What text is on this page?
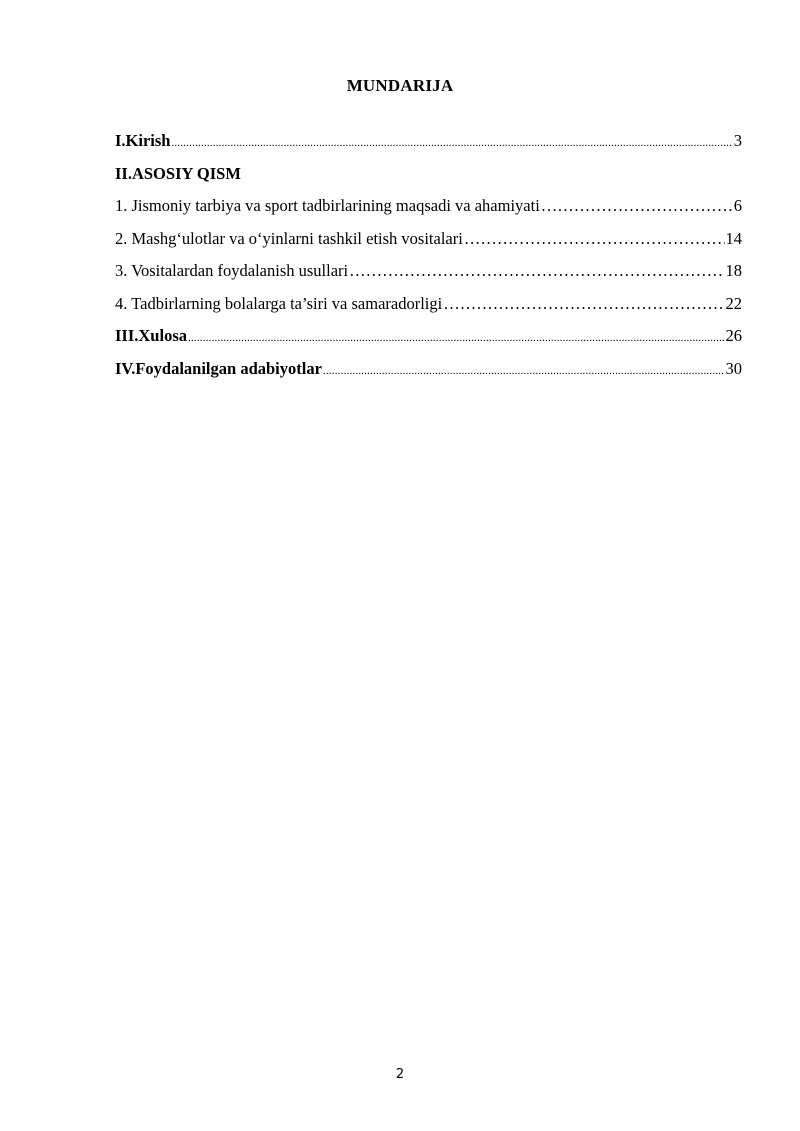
MUNDARIJA
I.Kirish .....	3
II.ASOSIY QISM
1. Jismoniy tarbiya va sport tadbirlarining maqsadi va ahamiyati ………………………………………………………………………………………………………………………………	6
2. Mashg‘ulotlar va o‘yinlarni tashkil etish vositalari ………………………………………………………………………………………………………………………………	14
3. Vositalardan foydalanish usullari ………………………………………………………………………………………………………………………………	18
4. Tadbirlarning bolalarga ta’siri va samaradorligi ………………………………………………………………………………………………………………………………	22
III.Xulosa .....	26
IV.Foydalanilgan adabiyotlar .....	30
2
